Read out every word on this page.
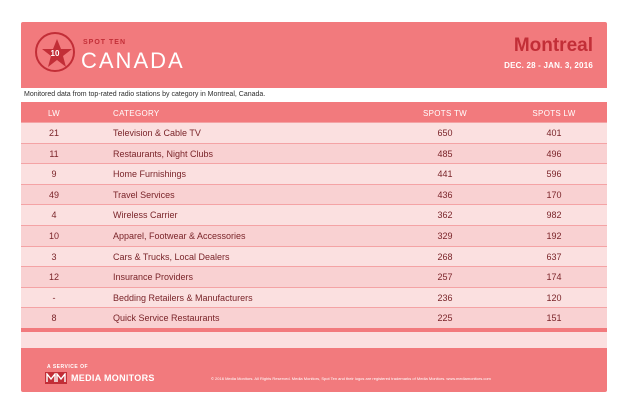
10
SPOT TEN
CANADA
Montreal
DEC. 28 - JAN. 3, 2016
Monitored data from top-rated radio stations by category in Montreal, Canada.
LW	CATEGORY	SPOTS TW	SPOTS LW
21	Television & Cable TV	650	401
11	Restaurants, Night Clubs	485	496
9	Home Furnishings	441	596
49	Travel Services	436	170
4	Wireless Carrier	362	982
10	Apparel, Footwear & Accessories	329	192
3	Cars & Trucks, Local Dealers	268	637
12	Insurance Providers	257	174
-	Bedding Retailers & Manufacturers	236	120
8	Quick Service Restaurants	225	151
A SERVICE OF
MEDIA MONITORS	© 2016 Media Monitors. All Rights Reserved. Media Monitors, Spot Ten and their logos are registered trademarks of Media Monitors. www.mediamonitors.com
